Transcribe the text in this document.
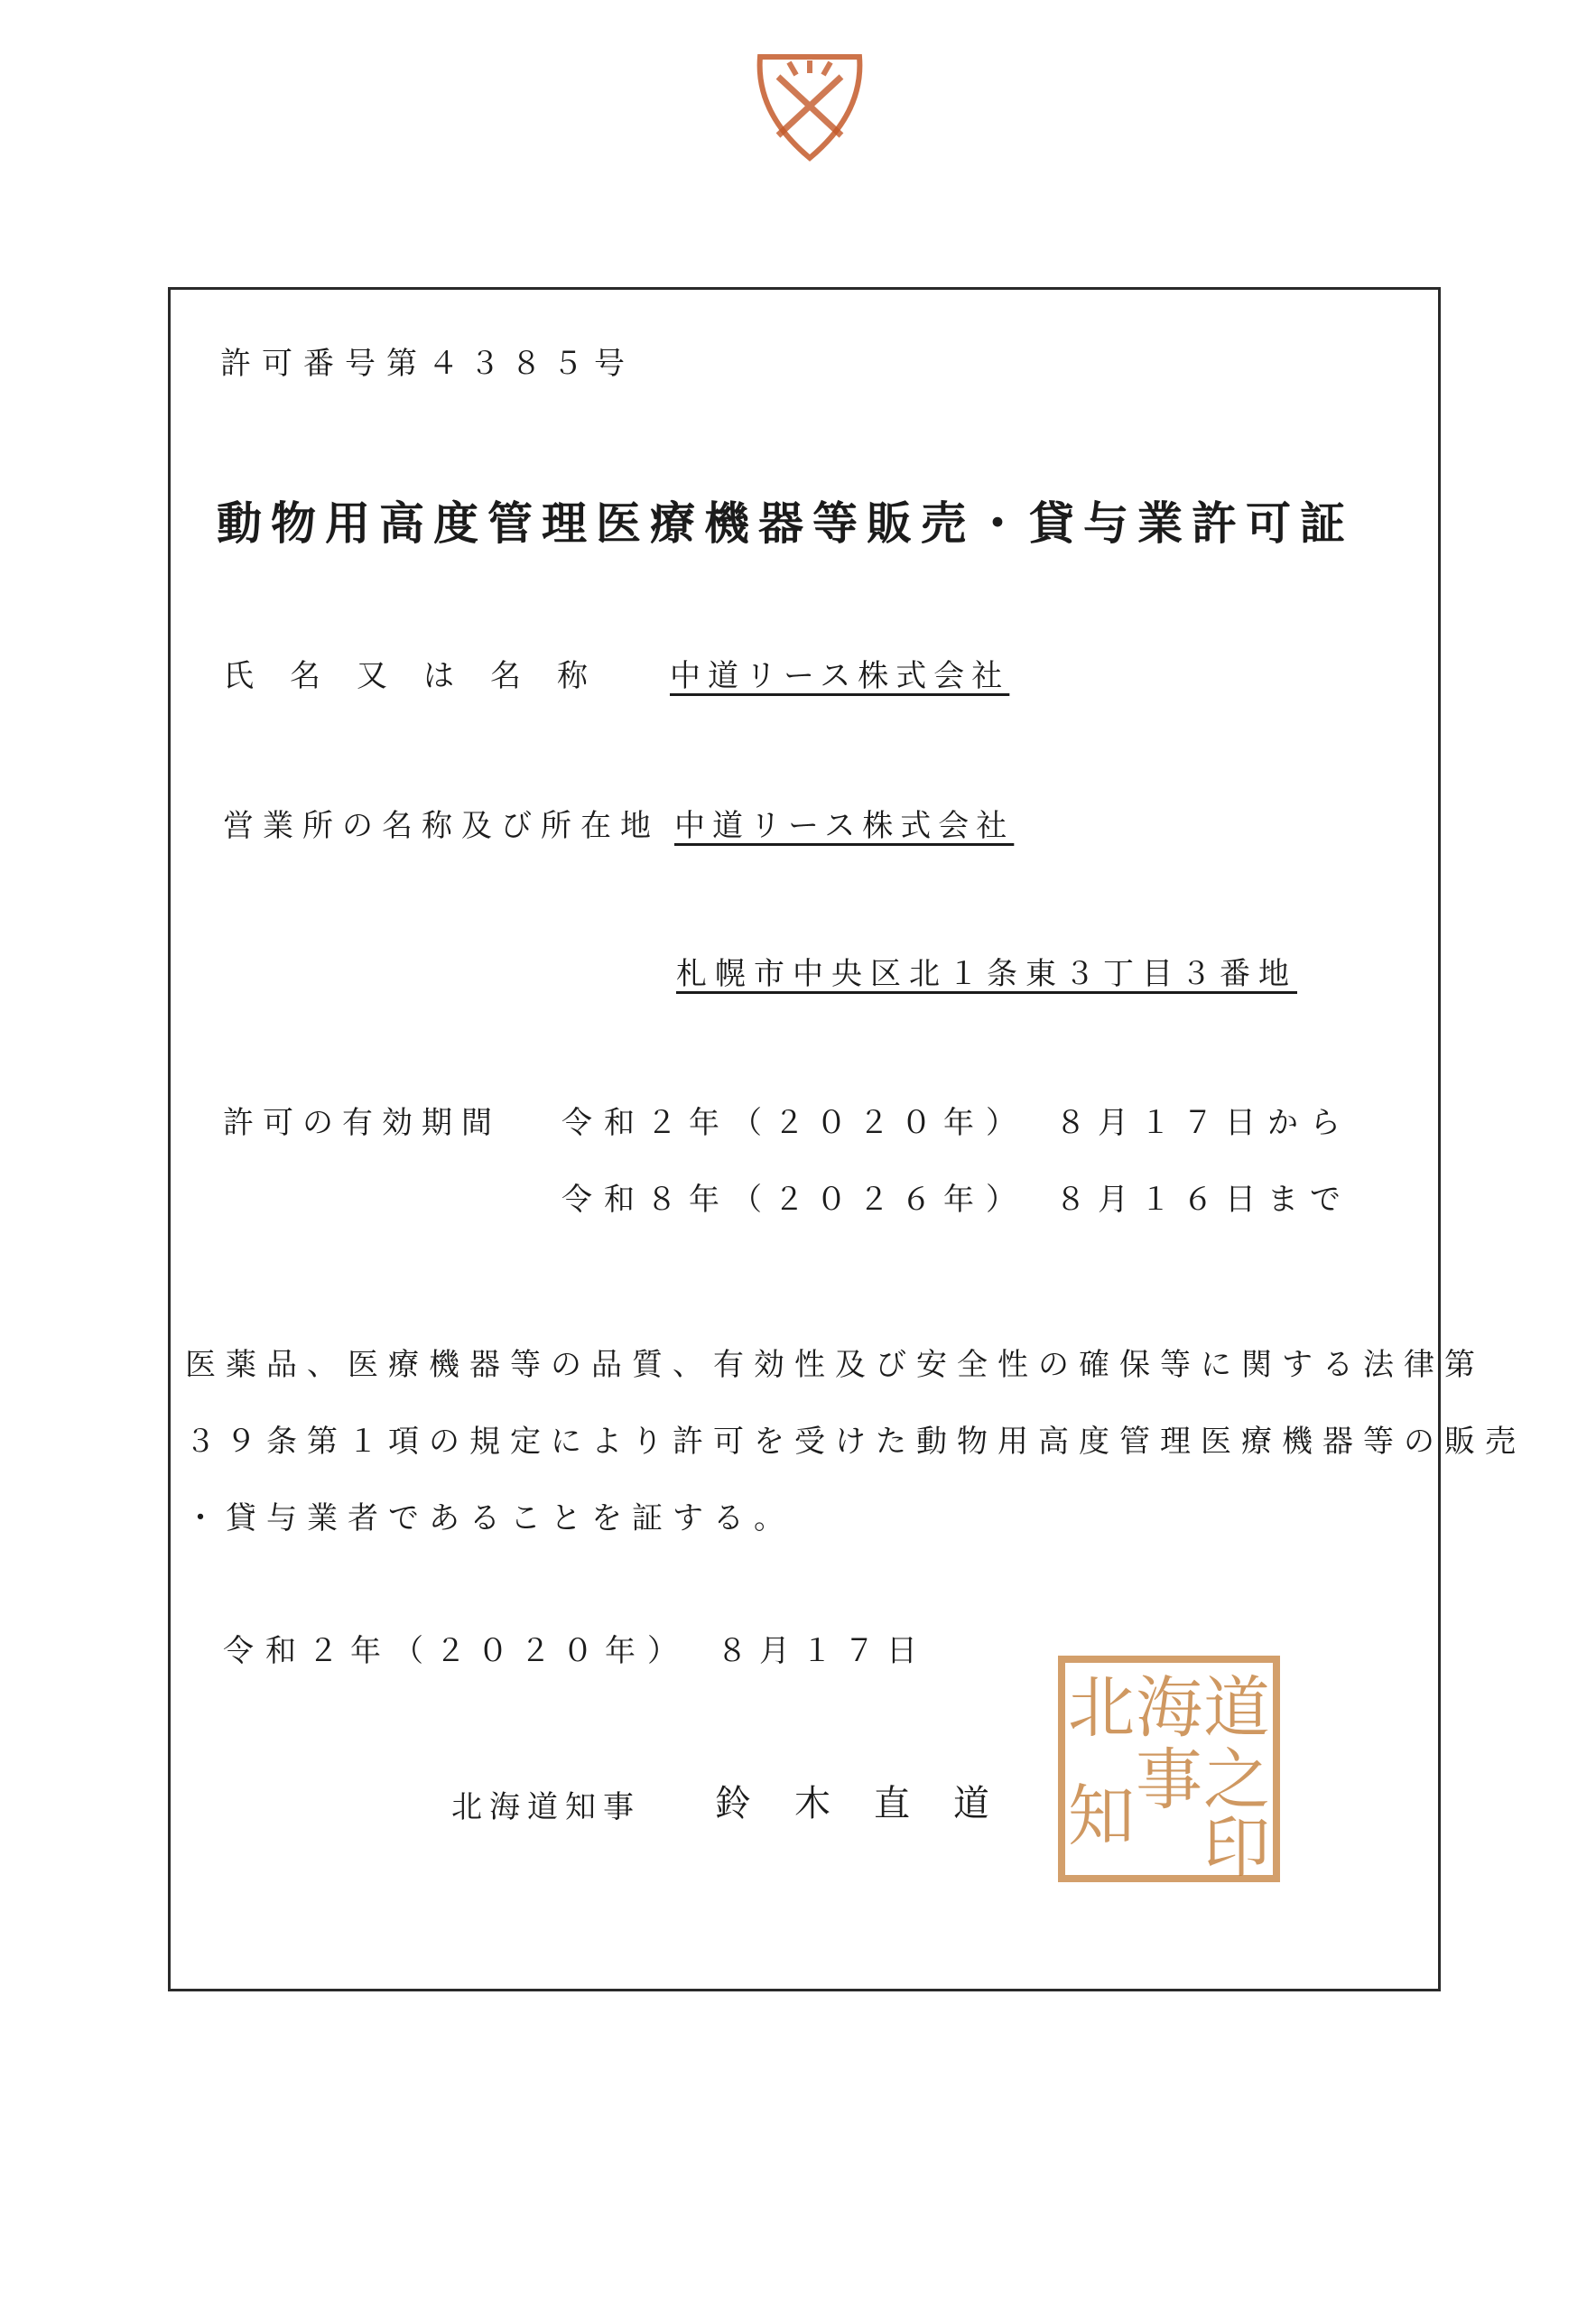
許可番号第４３８５号
動物用高度管理医療機器等販売・貸与業許可証
氏名又は名称 中道リース株式会社
営業所の名称及び所在地 中道リース株式会社
札幌市中央区北１条東３丁目３番地
許可の有効期間 令和２年（２０２０年）　８月１７日から
令和８年（２０２６年）　８月１６日まで
医薬品、医療機器等の品質、有効性及び安全性の確保等に関する法律第
３９条第１項の規定により許可を受けた動物用高度管理医療機器等の販売
・貸与業者であることを証する。
令和２年（２０２０年）　８月１７日
北海道知事 鈴木直道
道
之
印
海
事
北
知
